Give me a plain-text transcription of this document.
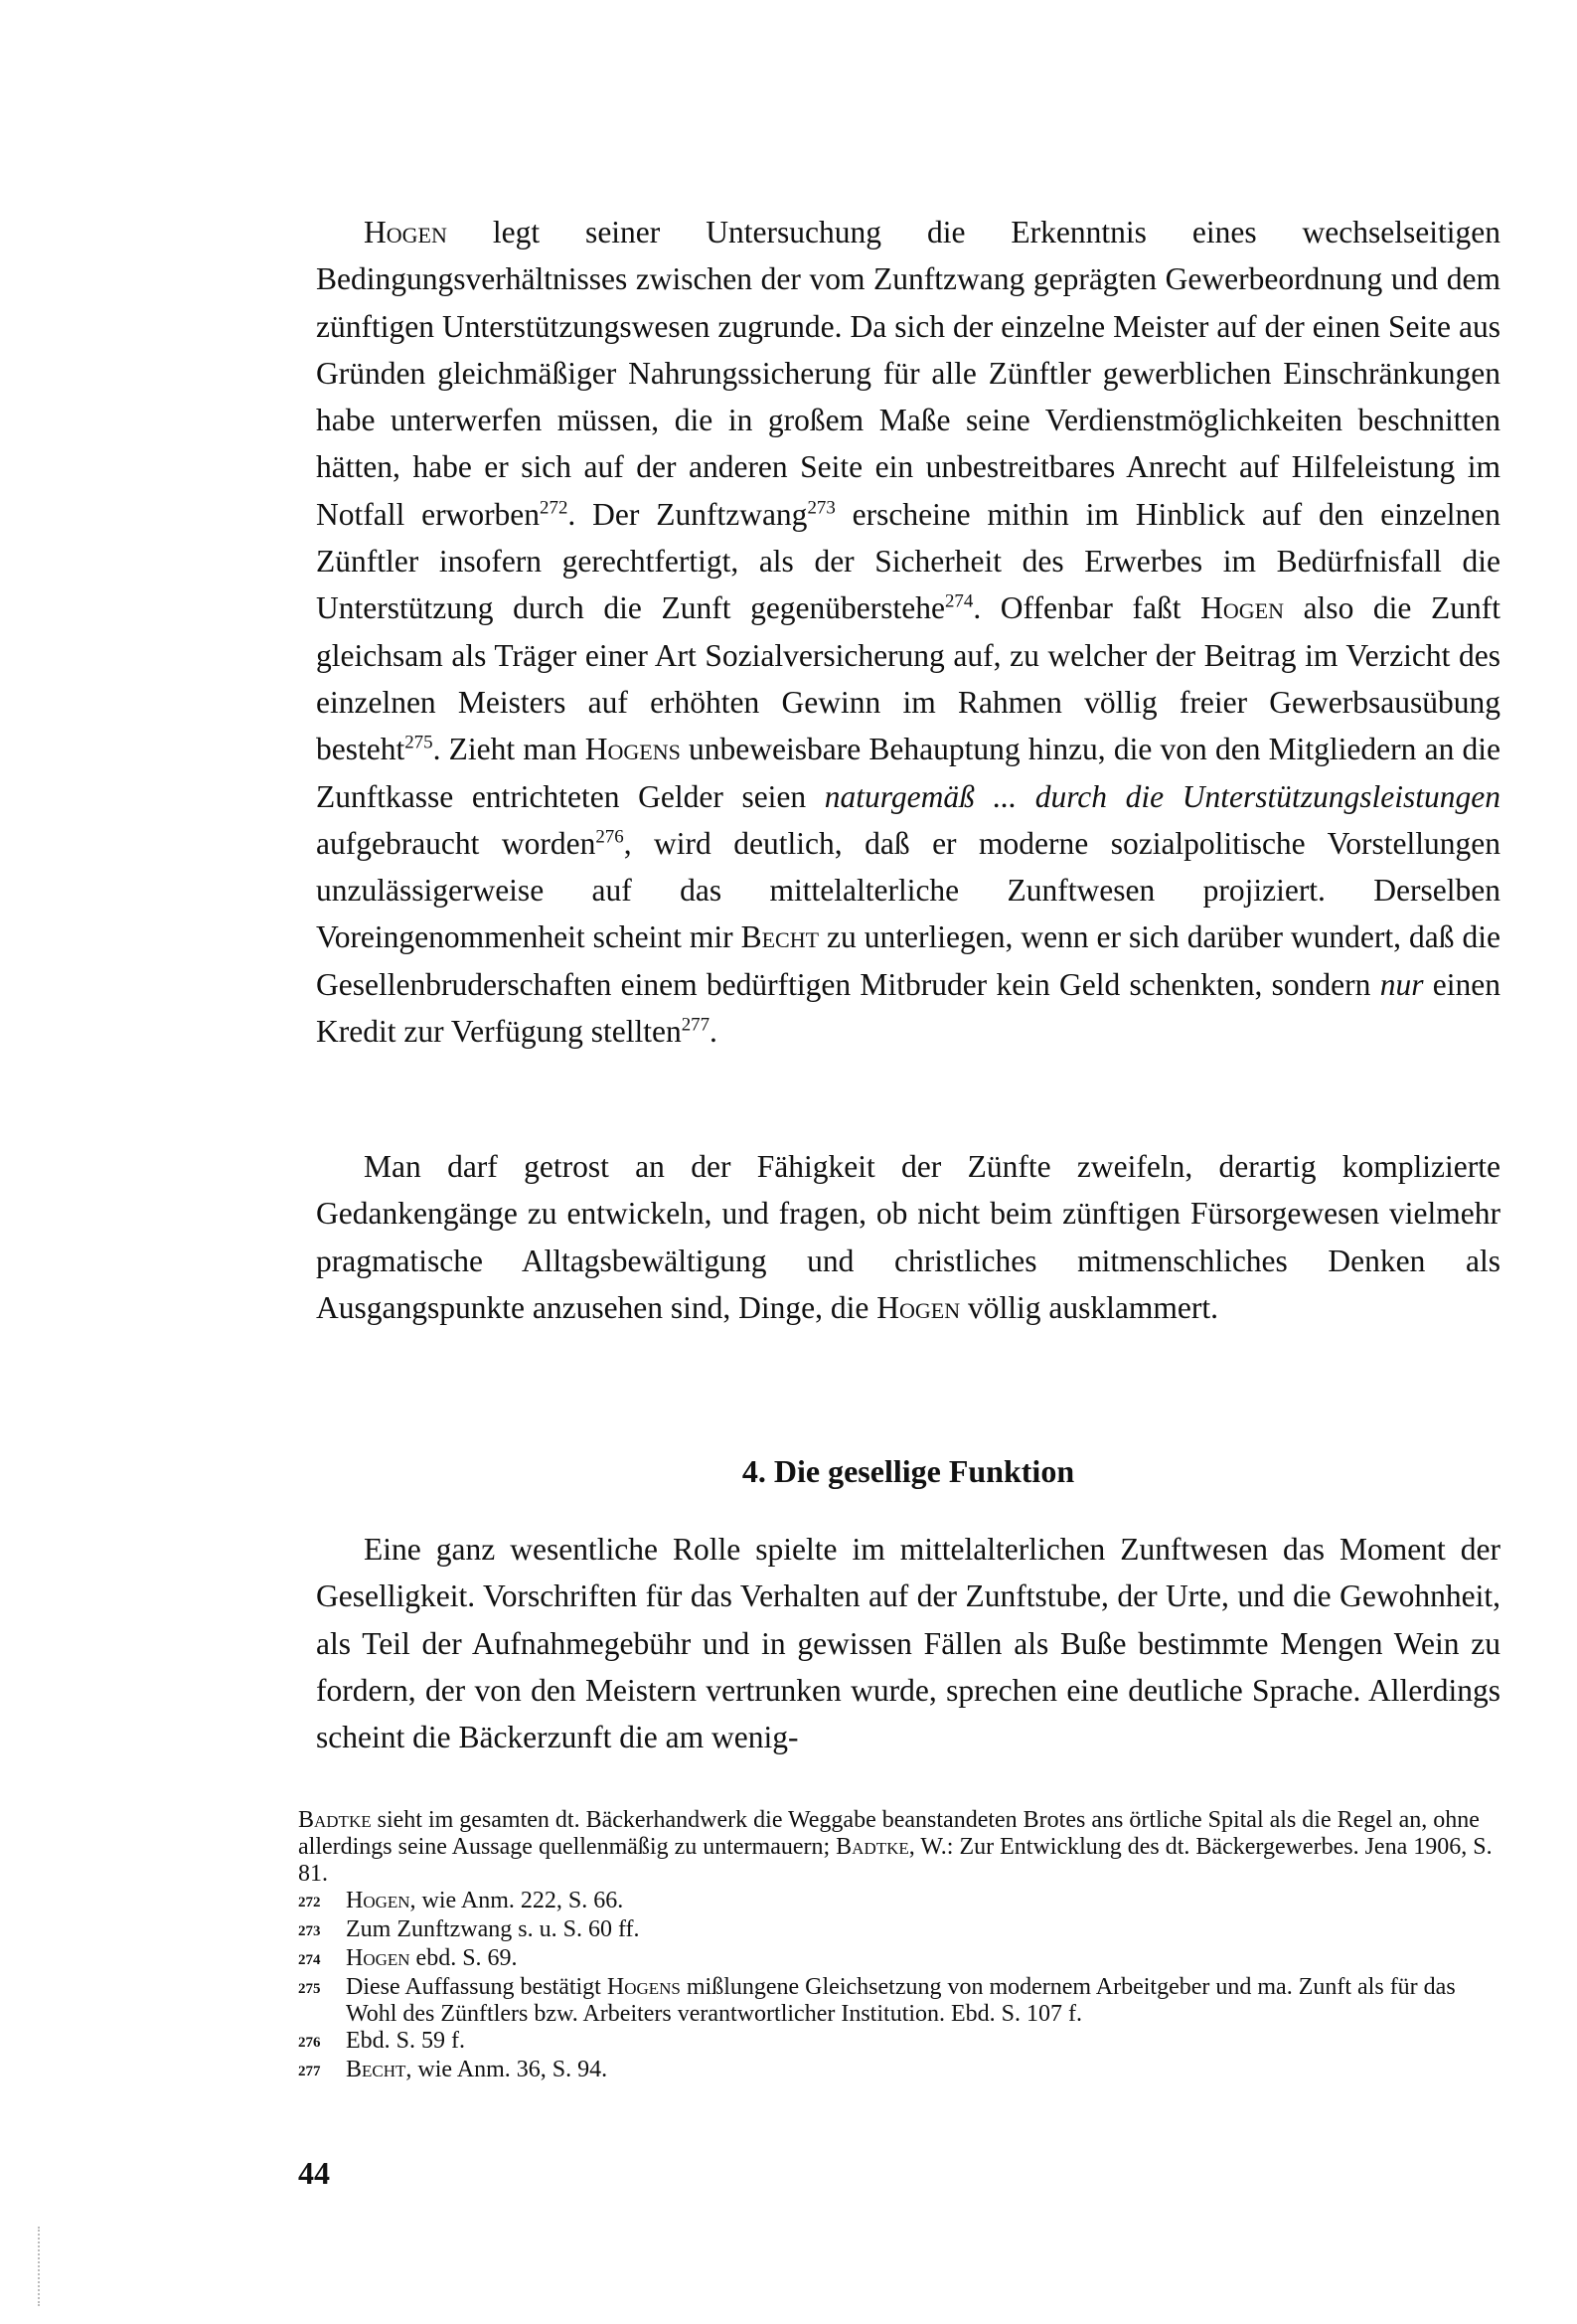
Hogen legt seiner Untersuchung die Erkenntnis eines wechselseitigen Bedingungsverhältnisses zwischen der vom Zunftzwang geprägten Gewerbeordnung und dem zünftigen Unterstützungswesen zugrunde. Da sich der einzelne Meister auf der einen Seite aus Gründen gleichmäßiger Nahrungssicherung für alle Zünftler gewerblichen Einschränkungen habe unterwerfen müssen, die in großem Maße seine Verdienstmöglichkeiten beschnitten hätten, habe er sich auf der anderen Seite ein unbestreitbares Anrecht auf Hilfeleistung im Notfall erworben$^{272}$. Der Zunftzwang$^{273}$ erscheine mithin im Hinblick auf den einzelnen Zünftler insofern gerechtfertigt, als der Sicherheit des Erwerbes im Bedürfnisfall die Unterstützung durch die Zunft gegenüberstehe$^{274}$. Offenbar faßt Hogen also die Zunft gleichsam als Träger einer Art Sozialversicherung auf, zu welcher der Beitrag im Verzicht des einzelnen Meisters auf erhöhten Gewinn im Rahmen völlig freier Gewerbsausübung besteht$^{275}$. Zieht man Hogens unbeweisbare Behauptung hinzu, die von den Mitgliedern an die Zunftkasse entrichteten Gelder seien naturgemäß ... durch die Unterstützungsleistungen aufgebraucht worden$^{276}$, wird deutlich, daß er moderne sozialpolitische Vorstellungen unzulässigerweise auf das mittelalterliche Zunftwesen projiziert. Derselben Voreingenommenheit scheint mir Becht zu unterliegen, wenn er sich darüber wundert, daß die Gesellenbruderschaften einem bedürftigen Mitbruder kein Geld schenkten, sondern nur einen Kredit zur Verfügung stellten$^{277}$.

Man darf getrost an der Fähigkeit der Zünfte zweifeln, derartig komplizierte Gedankengänge zu entwickeln, und fragen, ob nicht beim zünftigen Fürsorgewesen vielmehr pragmatische Alltagsbewältigung und christliches mitmenschliches Denken als Ausgangspunkte anzusehen sind, Dinge, die Hogen völlig ausklammert.

4. Die gesellige Funktion

Eine ganz wesentliche Rolle spielte im mittelalterlichen Zunftwesen das Moment der Geselligkeit. Vorschriften für das Verhalten auf der Zunftstube, der Urte, und die Gewohnheit, als Teil der Aufnahmegebühr und in gewissen Fällen als Buße bestimmte Mengen Wein zu fordern, der von den Meistern vertrunken wurde, sprechen eine deutliche Sprache. Allerdings scheint die Bäckerzunft die am wenig-

Badtke sieht im gesamten dt. Bäckerhandwerk die Weggabe beanstandeten Brotes ans örtliche Spital als die Regel an, ohne allerdings seine Aussage quellenmäßig zu untermauern; Badtke, W.: Zur Entwicklung des dt. Bäckergewerbes. Jena 1906, S. 81.

272	Hogen, wie Anm. 222, S. 66.

273	Zum Zunftzwang s. u. S. 60 ff.

274	Hogen ebd. S. 69.

275	Diese Auffassung bestätigt Hogens mißlungene Gleichsetzung von modernem Arbeitgeber und ma. Zunft als für das Wohl des Zünftlers bzw. Arbeiters verantwortlicher Institution. Ebd. S. 107 f.

276	Ebd. S. 59 f.

277	Becht, wie Anm. 36, S. 94.

44
